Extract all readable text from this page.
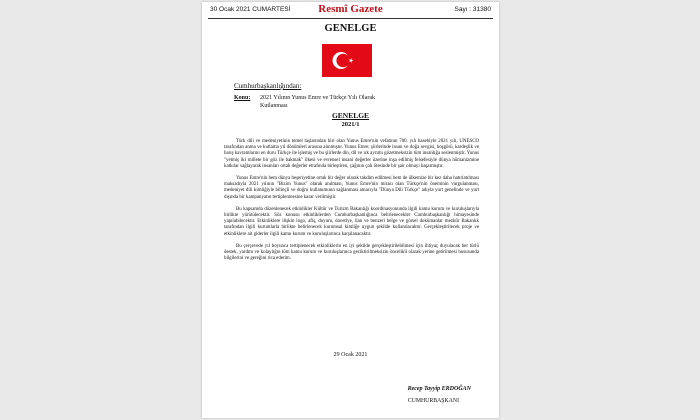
30 Ocak 2021 CUMARTESİ	Resmî Gazete	Sayı : 31380
GENELGE
Cumhurbaşkanlığından:
Konu: 2021 Yılının Yunus Emre ve Türkçe Yılı Olarak Kutlanması
GENELGE
2021/1

Türk dili ve medeniyetinin temel taşlarından biri olan Yunus Emre'nin vefatının 700. yılı hasebiyle 2021 yılı, UNESCO tarafından anma ve kutlama yıl dönümleri arasına alınmıştır. Yunus Emre; şiirlerinde insan ve doğa sevgisi, hoşgörü, kardeşlik ve barış kavramlarını en duru Türkçe ile işlemiş ve bu şiirlerde din, dil ve ırk ayrımı gözetmeksizin tüm insanlığa seslenmiştir. Yunus "yetmiş iki millete bir göz ile bakmak" ilkesi ve evrensel insani değerler üzerine inşa edilmiş felsefesiyle dünya hümanizmine katkılar sağlayarak insanları ortak değerler etrafında birleştiren, çağının çok ötesinde bir şair olmayı başarmıştır.

Yunus Emre'nin hem dünya beşeriyetine ortak bir değer olarak takdim edilmesi hem de ülkemize bir kez daha hatırlatılması maksadıyla 2021 yılının "Bizim Yunus" olarak anılması, Yunus Emre'nin mirası olan Türkçe'nin öneminin vurgulanması, medeniyet dili kimliğiyle bilinçli ve doğru kullanımının sağlanması amacıyla "Dünya Dili Türkçe" adıyla yurt genelinde ve yurt dışında bir kampanyatın tertiplenmesine karar verilmiştir.

Bu kapsamda düzenlenecek etkinlikler Kültür ve Turizm Bakanlığı koordinasyonunda ilgili kamu kurum ve kuruluşlarıyla birlikte yürütülecektir. Söz konusu etkinliklerden Cumhurbaşkanlığınca belirlenecekler Cumhurbaşkanlığı himayesinde yapılabilecektir. Etkinliklere ilişkin logo, afiş, duyuru, davetiye, ilan ve benzeri belge ve görsel dokümanlar mezkûr Bakanlık tarafından ilgili kurumlarla birlikte belirlenecek kurumsal kimliğe uygun şekilde kullanılacaktır. Gerçekleştirilecek proje ve etkinliklere ait giderler ilgili kamu kurum ve kuruluşlarınca karşılanacaktır.

Bu çerçevede yıl boyunca tertiplenecek etkinliklerin en iyi şekilde gerçekleştirilebilmesi için ihtiyaç duyulacak her türlü destek, yardım ve kolaylığın tüm kamu kurum ve kuruluşlarınca geciktirilmeksizin öncelikli olarak yerine getirilmesi hususunda bilgilerini ve gereğini rica ederim.

29 Ocak 2021
Recep Tayyip ERDOĞAN
CUMHURBAŞKANI
